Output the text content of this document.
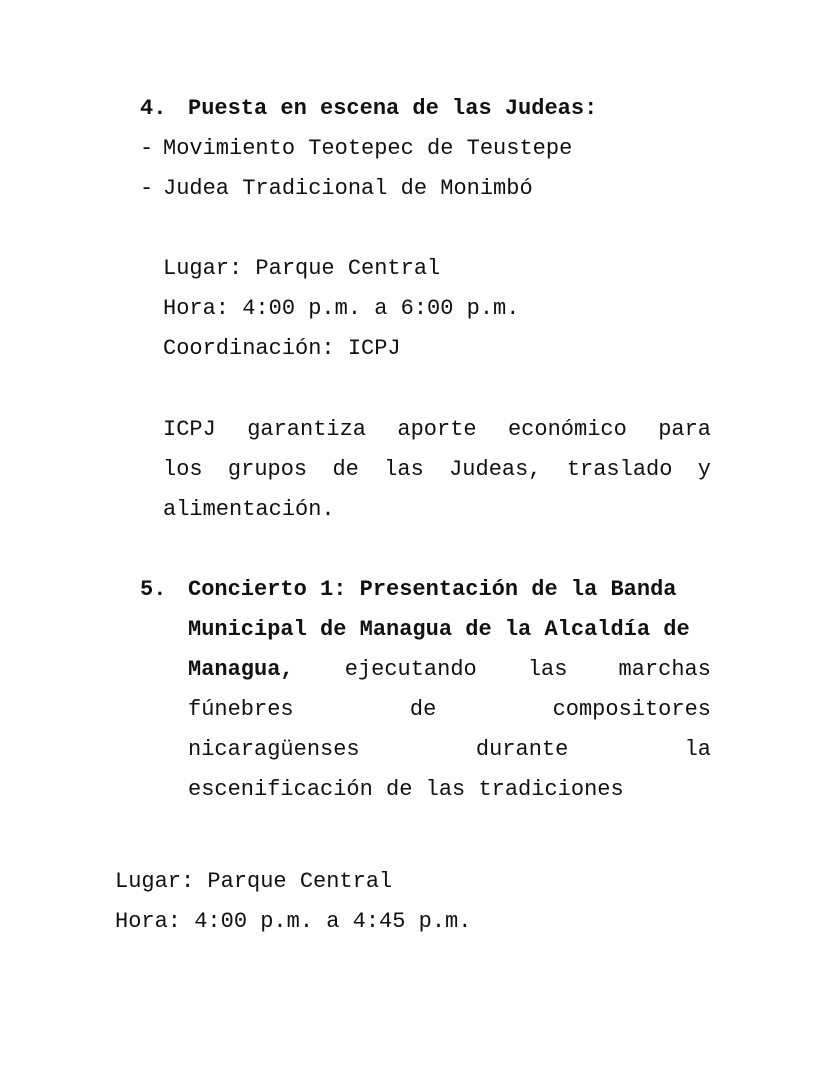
4. Puesta en escena de las Judeas:
- Movimiento Teotepec de Teustepe
- Judea Tradicional de Monimbó
Lugar: Parque Central
Hora: 4:00 p.m. a 6:00 p.m.
Coordinación: ICPJ
ICPJ garantiza aporte económico para
los grupos de las Judeas, traslado y
alimentación.
5. Concierto 1: Presentación de la Banda
Municipal de Managua de la Alcaldía de
Managua, ejecutando las marchas
fúnebres	de	compositores
nicaragüenses	durante	la
escenificación de las tradiciones
Lugar: Parque Central
Hora: 4:00 p.m. a 4:45 p.m.
